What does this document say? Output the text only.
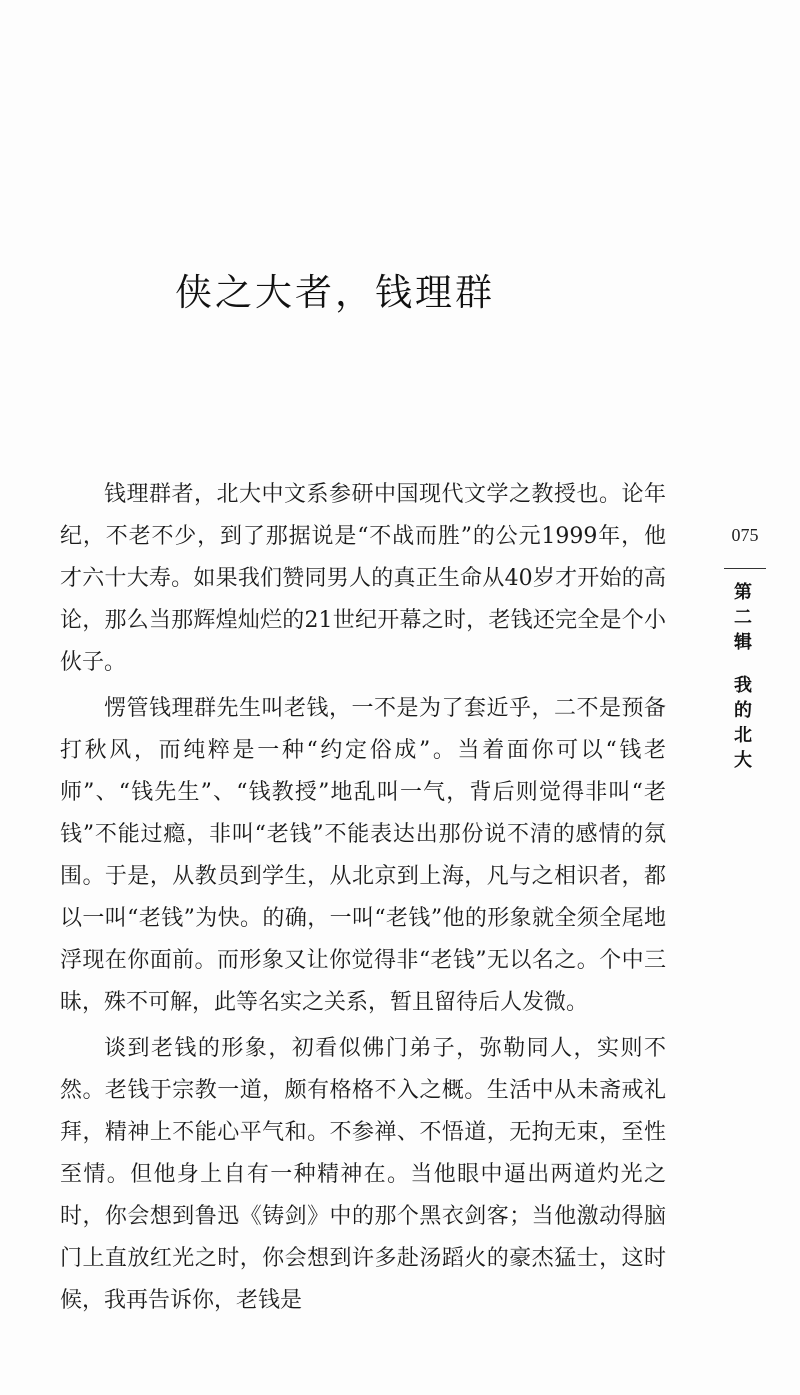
侠之大者，钱理群

钱理群者，北大中文系参研中国现代文学之教授也。论年纪，不老不少，到了那据说是“不战而胜”的公元1999年，他才六十大寿。如果我们赞同男人的真正生命从40岁才开始的高论，那么当那辉煌灿烂的21世纪开幕之时，老钱还完全是个小伙子。

愣管钱理群先生叫老钱，一不是为了套近乎，二不是预备打秋风，而纯粹是一种“约定俗成”。当着面你可以“钱老师”、“钱先生”、“钱教授”地乱叫一气，背后则觉得非叫“老钱”不能过瘾，非叫“老钱”不能表达出那份说不清的感情的氛围。于是，从教员到学生，从北京到上海，凡与之相识者，都以一叫“老钱”为快。的确，一叫“老钱”他的形象就全须全尾地浮现在你面前。而形象又让你觉得非“老钱”无以名之。个中三昧，殊不可解，此等名实之关系，暂且留待后人发微。

谈到老钱的形象，初看似佛门弟子，弥勒同人，实则不然。老钱于宗教一道，颇有格格不入之概。生活中从未斋戒礼拜，精神上不能心平气和。不参禅、不悟道，无拘无束，至性至情。但他身上自有一种精神在。当他眼中逼出两道灼光之时，你会想到鲁迅《铸剑》中的那个黑衣剑客；当他激动得脑门上直放红光之时，你会想到许多赴汤蹈火的豪杰猛士，这时候，我再告诉你，老钱是

075
第
二
辑
我
的
北
大
